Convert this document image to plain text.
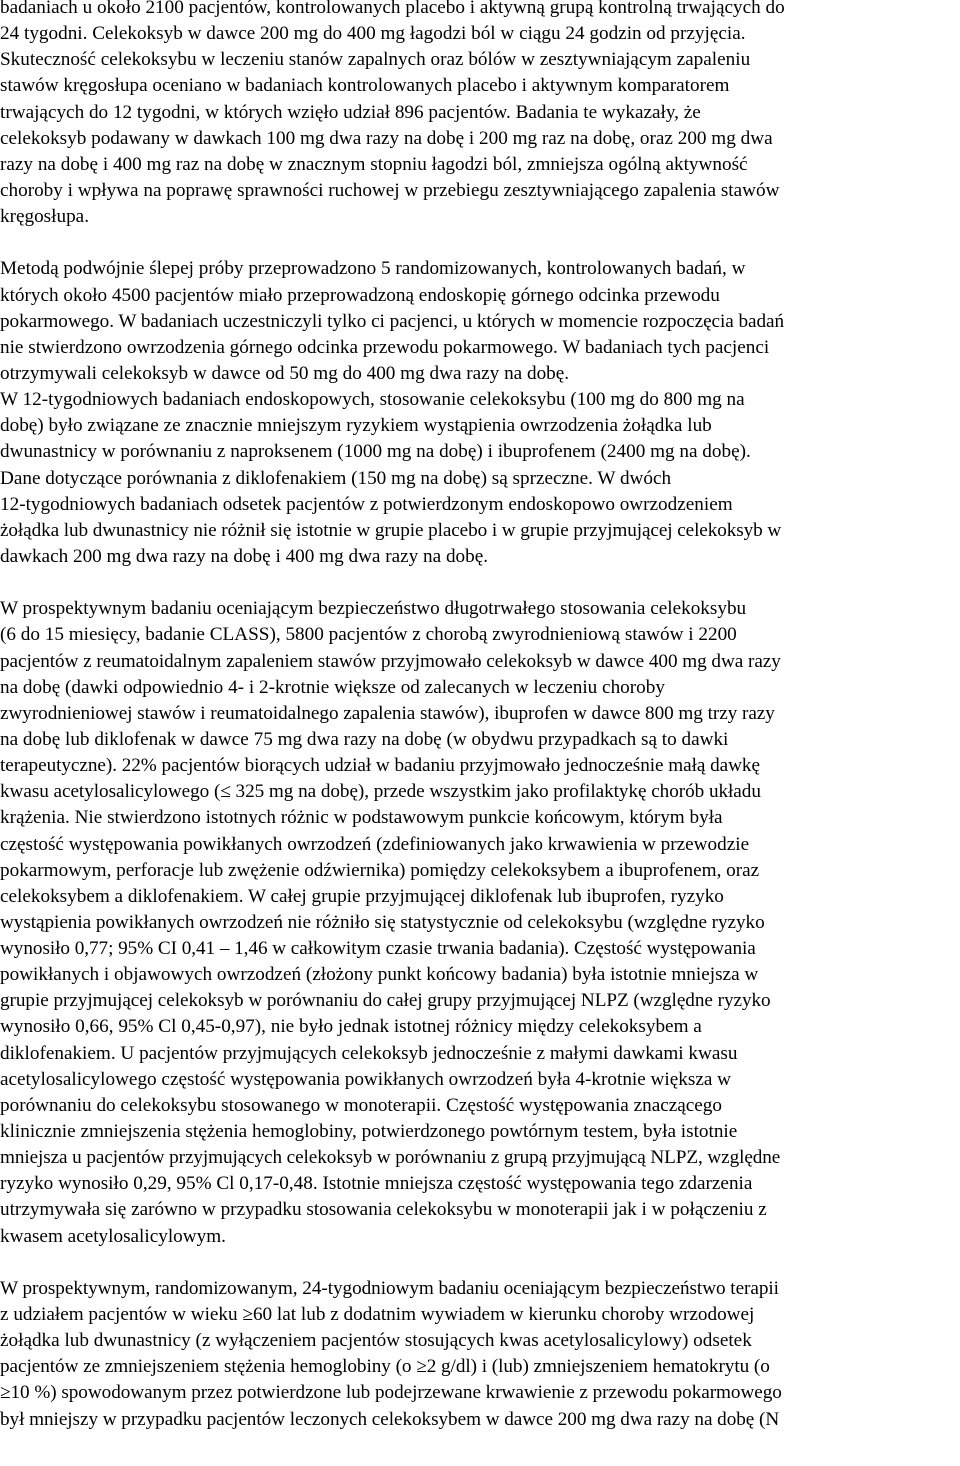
badaniach u około 2100 pacjentów, kontrolowanych placebo i aktywną grupą kontrolną trwających do
24 tygodni. Celekoksyb w dawce 200 mg do 400 mg łagodzi ból w ciągu 24 godzin od przyjęcia.
Skuteczność celekoksybu w leczeniu stanów zapalnych oraz bólów w zesztywniającym zapaleniu
stawów kręgosłupa oceniano w badaniach kontrolowanych placebo i aktywnym komparatorem
trwających do 12 tygodni, w których wzięło udział 896 pacjentów. Badania te wykazały, że
celekoksyb podawany w dawkach 100 mg dwa razy na dobę i 200 mg raz na dobę, oraz 200 mg dwa
razy na dobę i 400 mg raz na dobę w znacznym stopniu łagodzi ból, zmniejsza ogólną aktywność
choroby i wpływa na poprawę sprawności ruchowej w przebiegu zesztywniającego zapalenia stawów
kręgosłupa.
Metodą podwójnie ślepej próby przeprowadzono 5 randomizowanych, kontrolowanych badań, w
których około 4500 pacjentów miało przeprowadzoną endoskopię górnego odcinka przewodu
pokarmowego. W badaniach uczestniczyli tylko ci pacjenci, u których w momencie rozpoczęcia badań
nie stwierdzono owrzodzenia górnego odcinka przewodu pokarmowego. W badaniach tych pacjenci
otrzymywali celekoksyb w dawce od 50 mg do 400 mg dwa razy na dobę.
W 12-tygodniowych badaniach endoskopowych, stosowanie celekoksybu (100 mg do 800 mg na
dobę) było związane ze znacznie mniejszym ryzykiem wystąpienia owrzodzenia żołądka lub
dwunastnicy w porównaniu z naproksenem (1000 mg na dobę) i ibuprofenem (2400 mg na dobę).
Dane dotyczące porównania z diklofenakiem (150 mg na dobę) są sprzeczne. W dwóch
12-tygodniowych badaniach odsetek pacjentów z potwierdzonym endoskopowo owrzodzeniem
żołądka lub dwunastnicy nie różnił się istotnie w grupie placebo i w grupie przyjmującej celekoksyb w
dawkach 200 mg dwa razy na dobę i 400 mg dwa razy na dobę.
W prospektywnym badaniu oceniającym bezpieczeństwo długotrwałego stosowania celekoksybu
(6 do 15 miesięcy, badanie CLASS), 5800 pacjentów z chorobą zwyrodnieniową stawów i 2200
pacjentów z reumatoidalnym zapaleniem stawów przyjmowało celekoksyb w dawce 400 mg dwa razy
na dobę (dawki odpowiednio 4- i 2-krotnie większe od zalecanych w leczeniu choroby
zwyrodnieniowej stawów i reumatoidalnego zapalenia stawów), ibuprofen w dawce 800 mg trzy razy
na dobę lub diklofenak w dawce 75 mg dwa razy na dobę (w obydwu przypadkach są to dawki
terapeutyczne). 22% pacjentów biorących udział w badaniu przyjmowało jednocześnie małą dawkę
kwasu acetylosalicylowego (≤ 325 mg na dobę), przede wszystkim jako profilaktykę chorób układu
krążenia. Nie stwierdzono istotnych różnic w podstawowym punkcie końcowym, którym była
częstość występowania powikłanych owrzodzeń (zdefiniowanych jako krwawienia w przewodzie
pokarmowym, perforacje lub zwężenie odźwiernika) pomiędzy celekoksybem a ibuprofenem, oraz
celekoksybem a diklofenakiem. W całej grupie przyjmującej diklofenak lub ibuprofen, ryzyko
wystąpienia powikłanych owrzodzeń nie różniło się statystycznie od celekoksybu (względne ryzyko
wynosiło 0,77; 95% CI 0,41 – 1,46 w całkowitym czasie trwania badania). Częstość występowania
powikłanych i objawowych owrzodzeń (złożony punkt końcowy badania) była istotnie mniejsza w
grupie przyjmującej celekoksyb w porównaniu do całej grupy przyjmującej NLPZ (względne ryzyko
wynosiło 0,66, 95% Cl 0,45-0,97), nie było jednak istotnej różnicy między celekoksybem a
diklofenakiem. U pacjentów przyjmujących celekoksyb jednocześnie z małymi dawkami kwasu
acetylosalicylowego częstość występowania powikłanych owrzodzeń była 4-krotnie większa w
porównaniu do celekoksybu stosowanego w monoterapii. Częstość występowania znaczącego
klinicznie zmniejszenia stężenia hemoglobiny, potwierdzonego powtórnym testem, była istotnie
mniejsza u pacjentów przyjmujących celekoksyb w porównaniu z grupą przyjmującą NLPZ, względne
ryzyko wynosiło 0,29, 95% Cl 0,17-0,48. Istotnie mniejsza częstość występowania tego zdarzenia
utrzymywała się zarówno w przypadku stosowania celekoksybu w monoterapii jak i w połączeniu z
kwasem acetylosalicylowym.
W prospektywnym, randomizowanym, 24-tygodniowym badaniu oceniającym bezpieczeństwo terapii
z udziałem pacjentów w wieku ≥60 lat lub z dodatnim wywiadem w kierunku choroby wrzodowej
żołądka lub dwunastnicy (z wyłączeniem pacjentów stosujących kwas acetylosalicylowy) odsetek
pacjentów ze zmniejszeniem stężenia hemoglobiny (o ≥2 g/dl) i (lub) zmniejszeniem hematokrytu (o
≥10 %) spowodowanym przez potwierdzone lub podejrzewane krwawienie z przewodu pokarmowego
był mniejszy w przypadku pacjentów leczonych celekoksybem w dawce 200 mg dwa razy na dobę (N
